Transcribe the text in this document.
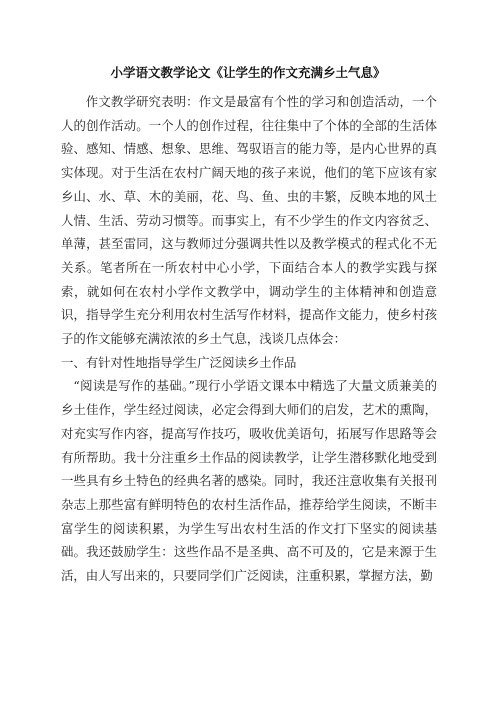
小学语文教学论文《让学生的作文充满乡土气息》

作文教学研究表明：作文是最富有个性的学习和创造活动，一个人的创作活动。一个人的创作过程，往往集中了个体的全部的生活体验、感知、情感、想象、思维、驾驭语言的能力等，是内心世界的真实体现。对于生活在农村广阔天地的孩子来说，他们的笔下应该有家乡山、水、草、木的美丽，花、鸟、鱼、虫的丰繁，反映本地的风土人情、生活、劳动习惯等。而事实上，有不少学生的作文内容贫乏、单薄，甚至雷同，这与教师过分强调共性以及教学模式的程式化不无关系。笔者所在一所农村中心小学，下面结合本人的教学实践与探索，就如何在农村小学作文教学中，调动学生的主体精神和创造意识，指导学生充分利用农村生活写作材料，提高作文能力，使乡村孩子的作文能够充满浓浓的乡土气息，浅谈几点体会：

一、有针对性地指导学生广泛阅读乡土作品

“阅读是写作的基础。”现行小学语文课本中精选了大量文质兼美的乡土佳作，学生经过阅读，必定会得到大师们的启发，艺术的熏陶，对充实写作内容，提高写作技巧，吸收优美语句，拓展写作思路等会有所帮助。我十分注重乡土作品的阅读教学，让学生潜移默化地受到一些具有乡土特色的经典名著的感染。同时，我还注意收集有关报刊杂志上那些富有鲜明特色的农村生活作品，推荐给学生阅读，不断丰富学生的阅读积累，为学生写出农村生活的作文打下坚实的阅读基础。我还鼓励学生：这些作品不是圣典、高不可及的，它是来源于生活，由人写出来的，只要同学们广泛阅读，注重积累，掌握方法，勤
